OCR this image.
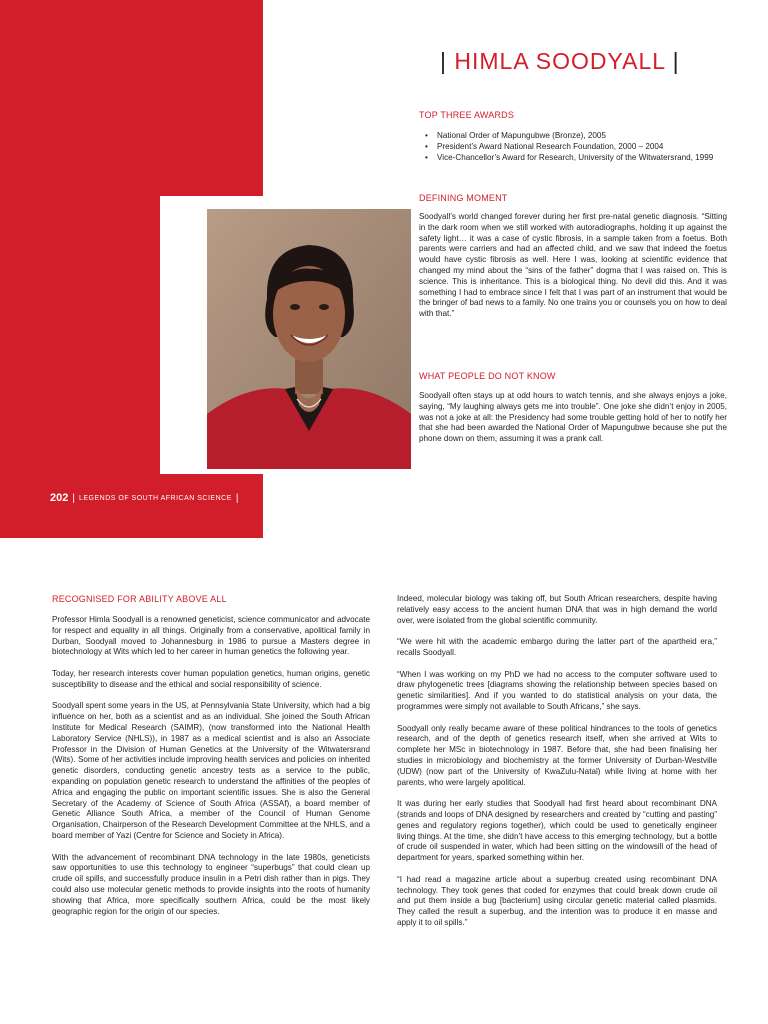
202 | LEGENDS OF SOUTH AFRICAN SCIENCE |
| HIMLA SOODYALL |
TOP THREE AWARDS
• National Order of Mapungubwe (Bronze), 2005
• President’s Award National Research Foundation, 2000 – 2004
• Vice-Chancellor’s Award for Research, University of the Witwatersrand, 1999
DEFINING MOMENT

Soodyall’s world changed forever during her first pre-natal genetic diagnosis. “Sitting in the dark room when we still worked with autoradiographs, holding it up against the safety light… it was a case of cystic fibrosis, in a sample taken from a foetus. Both parents were carriers and had an affected child, and we saw that indeed the foetus would have cystic fibrosis as well. Here I was, looking at scientific evidence that changed my mind about the “sins of the father” dogma that I was raised on. This is science. This is inheritance. This is a biological thing. No devil did this. And it was something I had to embrace since I felt that I was part of an instrument that would be the bringer of bad news to a family. No one trains you or counsels you on how to deal with that.”

WHAT PEOPLE DO NOT KNOW

Soodyall often stays up at odd hours to watch tennis, and she always enjoys a joke, saying, “My laughing always gets me into trouble”. One joke she didn’t enjoy in 2005, was not a joke at all: the Presidency had some trouble getting hold of her to notify her that she had been awarded the National Order of Mapungubwe because she put the phone down on them, assuming it was a prank call.

RECOGNISED FOR ABILITY ABOVE ALL

Professor Himla Soodyall is a renowned geneticist, science communicator and advocate for respect and equality in all things. Originally from a conservative, apolitical family in Durban, Soodyall moved to Johannesburg in 1986 to pursue a Masters degree in biotechnology at Wits which led to her career in human genetics the following year.

Today, her research interests cover human population genetics, human origins, genetic susceptibility to disease and the ethical and social responsibility of science.

Soodyall spent some years in the US, at Pennsylvania State University, which had a big influence on her, both as a scientist and as an individual. She joined the South African Institute for Medical Research (SAIMR), (now transformed into the National Health Laboratory Service (NHLS)), in 1987 as a medical scientist and is also an Associate Professor in the Division of Human Genetics at the University of the Witwatersrand (Wits). Some of her activities include improving health services and policies on inherited genetic disorders, conducting genetic ancestry tests as a service to the public, expanding on population genetic research to understand the affinities of the peoples of Africa and engaging the public on important scientific issues. She is also the General Secretary of the Academy of Science of South Africa (ASSAf), a board member of Genetic Alliance South Africa, a member of the Council of Human Genome Organisation, Chairperson of the Research Development Committee at the NHLS, and a board member of Yazi (Centre for Science and Society in Africa).

With the advancement of recombinant DNA technology in the late 1980s, geneticists saw opportunities to use this technology to engineer “superbugs” that could clean up crude oil spills, and successfully produce insulin in a Petri dish rather than in pigs. They could also use molecular genetic methods to provide insights into the roots of humanity showing that Africa, more specifically southern Africa, could be the most likely geographic region for the origin of our species.

Indeed, molecular biology was taking off, but South African researchers, despite having relatively easy access to the ancient human DNA that was in high demand the world over, were isolated from the global scientific community.

“We were hit with the academic embargo during the latter part of the apartheid era,” recalls Soodyall.

“When I was working on my PhD we had no access to the computer software used to draw phylogenetic trees [diagrams showing the relationship between species based on genetic similarities]. And if you wanted to do statistical analysis on your data, the programmes were simply not available to South Africans,” she says.

Soodyall only really became aware of these political hindrances to the tools of genetics research, and of the depth of genetics research itself, when she arrived at Wits to complete her MSc in biotechnology in 1987. Before that, she had been finalising her studies in microbiology and biochemistry at the former University of Durban-Westville (UDW) (now part of the University of KwaZulu-Natal) while living at home with her parents, who were largely apolitical.

It was during her early studies that Soodyall had first heard about recombinant DNA (strands and loops of DNA designed by researchers and created by “cutting and pasting” genes and regulatory regions together), which could be used to genetically engineer living things. At the time, she didn’t have access to this emerging technology, but a bottle of crude oil suspended in water, which had been sitting on the windowsill of the head of department for years, sparked something within her.

“I had read a magazine article about a superbug created using recombinant DNA technology. They took genes that coded for enzymes that could break down crude oil and put them inside a bug [bacterium] using circular genetic material called plasmids. They called the result a superbug, and the intention was to produce it en masse and apply it to oil spills.”
